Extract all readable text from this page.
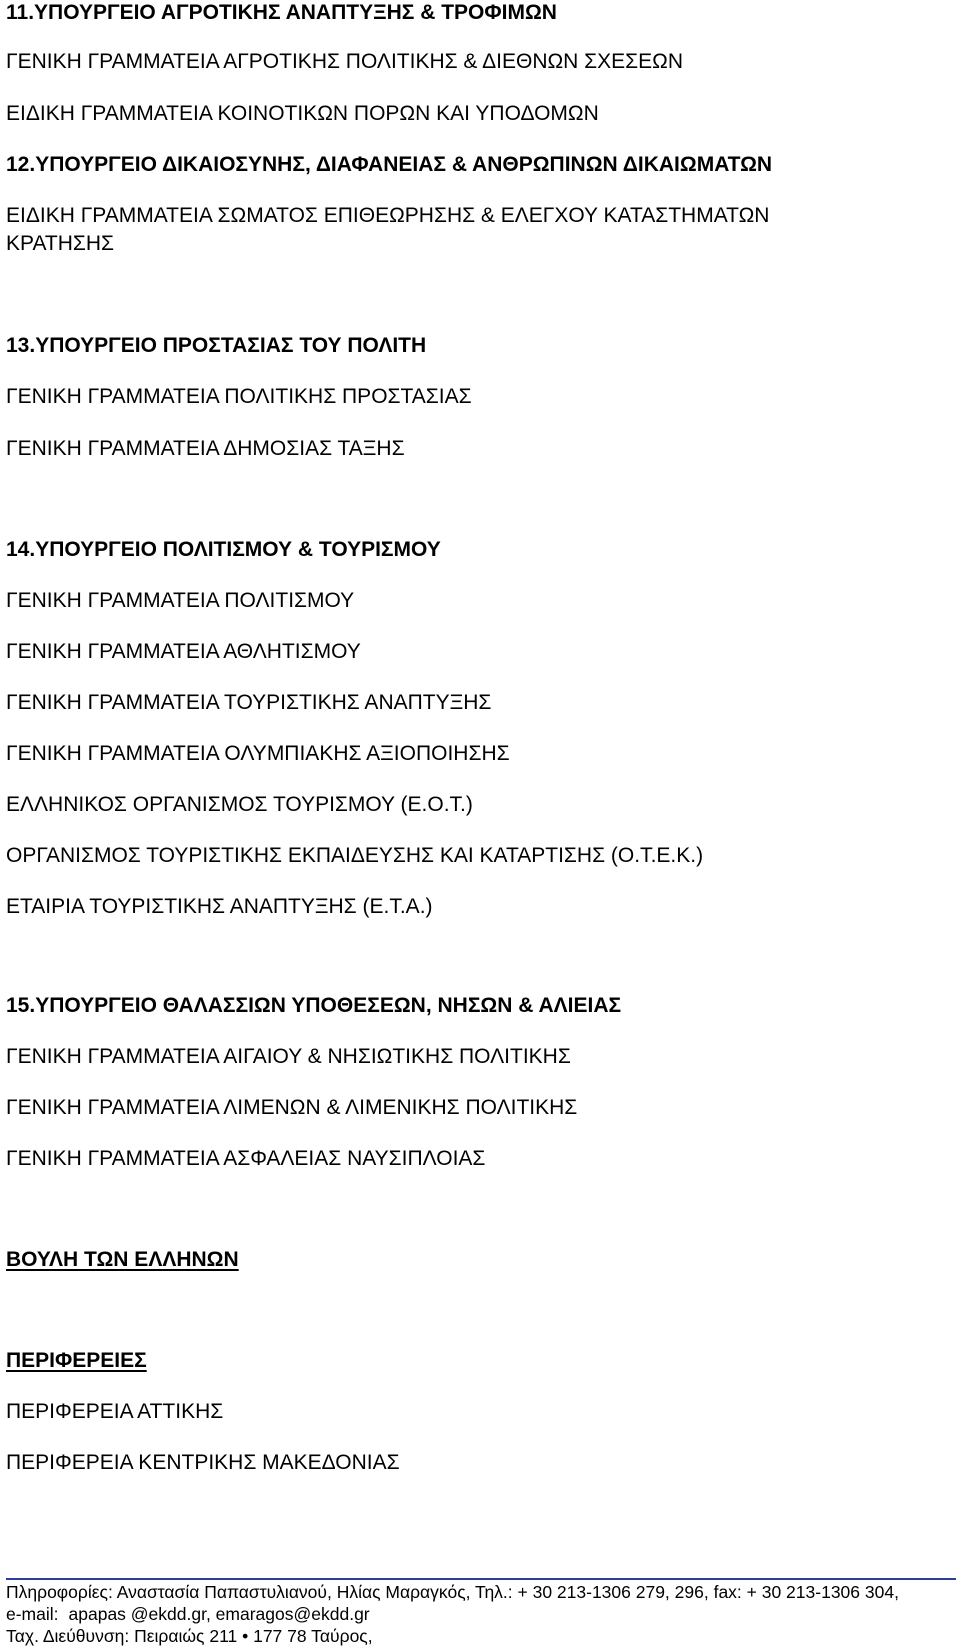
11.ΥΠΟΥΡΓΕΙΟ ΑΓΡΟΤΙΚΗΣ ΑΝΑΠΤΥΞΗΣ & ΤΡΟΦΙΜΩΝ
ΓΕΝΙΚΗ ΓΡΑΜΜΑΤΕΙΑ ΑΓΡΟΤΙΚΗΣ ΠΟΛΙΤΙΚΗΣ & ΔΙΕΘΝΩΝ ΣΧΕΣΕΩΝ
ΕΙΔΙΚΗ ΓΡΑΜΜΑΤΕΙΑ ΚΟΙΝΟΤΙΚΩΝ ΠΟΡΩΝ ΚΑΙ ΥΠΟΔΟΜΩΝ
12.ΥΠΟΥΡΓΕΙΟ ΔΙΚΑΙΟΣΥΝΗΣ, ΔΙΑΦΑΝΕΙΑΣ & ΑΝΘΡΩΠΙΝΩΝ ΔΙΚΑΙΩΜΑΤΩΝ
ΕΙΔΙΚΗ ΓΡΑΜΜΑΤΕΙΑ ΣΩΜΑΤΟΣ ΕΠΙΘΕΩΡΗΣΗΣ & ΕΛΕΓΧΟΥ ΚΑΤΑΣΤΗΜΑΤΩΝ
ΚΡΑΤΗΣΗΣ
13.ΥΠΟΥΡΓΕΙΟ ΠΡΟΣΤΑΣΙΑΣ ΤΟΥ ΠΟΛΙΤΗ
ΓΕΝΙΚΗ ΓΡΑΜΜΑΤΕΙΑ ΠΟΛΙΤΙΚΗΣ ΠΡΟΣΤΑΣΙΑΣ
ΓΕΝΙΚΗ ΓΡΑΜΜΑΤΕΙΑ ΔΗΜΟΣΙΑΣ ΤΑΞΗΣ
14.ΥΠΟΥΡΓΕΙΟ ΠΟΛΙΤΙΣΜΟΥ & ΤΟΥΡΙΣΜΟΥ
ΓΕΝΙΚΗ ΓΡΑΜΜΑΤΕΙΑ ΠΟΛΙΤΙΣΜΟΥ
ΓΕΝΙΚΗ ΓΡΑΜΜΑΤΕΙΑ ΑΘΛΗΤΙΣΜΟΥ
ΓΕΝΙΚΗ ΓΡΑΜΜΑΤΕΙΑ ΤΟΥΡΙΣΤΙΚΗΣ ΑΝΑΠΤΥΞΗΣ
ΓΕΝΙΚΗ ΓΡΑΜΜΑΤΕΙΑ ΟΛΥΜΠΙΑΚΗΣ ΑΞΙΟΠΟΙΗΣΗΣ
ΕΛΛΗΝΙΚΟΣ ΟΡΓΑΝΙΣΜΟΣ ΤΟΥΡΙΣΜΟΥ (Ε.Ο.Τ.)
ΟΡΓΑΝΙΣΜΟΣ ΤΟΥΡΙΣΤΙΚΗΣ ΕΚΠΑΙΔΕΥΣΗΣ ΚΑΙ ΚΑΤΑΡΤΙΣΗΣ (Ο.Τ.Ε.Κ.)
ΕΤΑΙΡΙΑ ΤΟΥΡΙΣΤΙΚΗΣ ΑΝΑΠΤΥΞΗΣ (Ε.Τ.Α.)
15.ΥΠΟΥΡΓΕΙΟ ΘΑΛΑΣΣΙΩΝ ΥΠΟΘΕΣΕΩΝ, ΝΗΣΩΝ & ΑΛΙΕΙΑΣ
ΓΕΝΙΚΗ ΓΡΑΜΜΑΤΕΙΑ ΑΙΓΑΙΟΥ & ΝΗΣΙΩΤΙΚΗΣ ΠΟΛΙΤΙΚΗΣ
ΓΕΝΙΚΗ ΓΡΑΜΜΑΤΕΙΑ ΛΙΜΕΝΩΝ & ΛΙΜΕΝΙΚΗΣ ΠΟΛΙΤΙΚΗΣ
ΓΕΝΙΚΗ ΓΡΑΜΜΑΤΕΙΑ ΑΣΦΑΛΕΙΑΣ ΝΑΥΣΙΠΛΟΙΑΣ
ΒΟΥΛΗ ΤΩΝ ΕΛΛΗΝΩΝ
ΠΕΡΙΦΕΡΕΙΕΣ
ΠΕΡΙΦΕΡΕΙΑ ΑΤΤΙΚΗΣ
ΠΕΡΙΦΕΡΕΙΑ ΚΕΝΤΡΙΚΗΣ ΜΑΚΕΔΟΝΙΑΣ
Πληροφορίες: Αναστασία Παπαστυλιανού, Ηλίας Μαραγκός, Τηλ.: + 30 213-1306 279, 296, fax: + 30 213-1306 304,
e-mail: apapas @ekdd.gr, emaragos@ekdd.gr
Ταχ. Διεύθυνση: Πειραιώς 211 • 177 78 Ταύρος,
